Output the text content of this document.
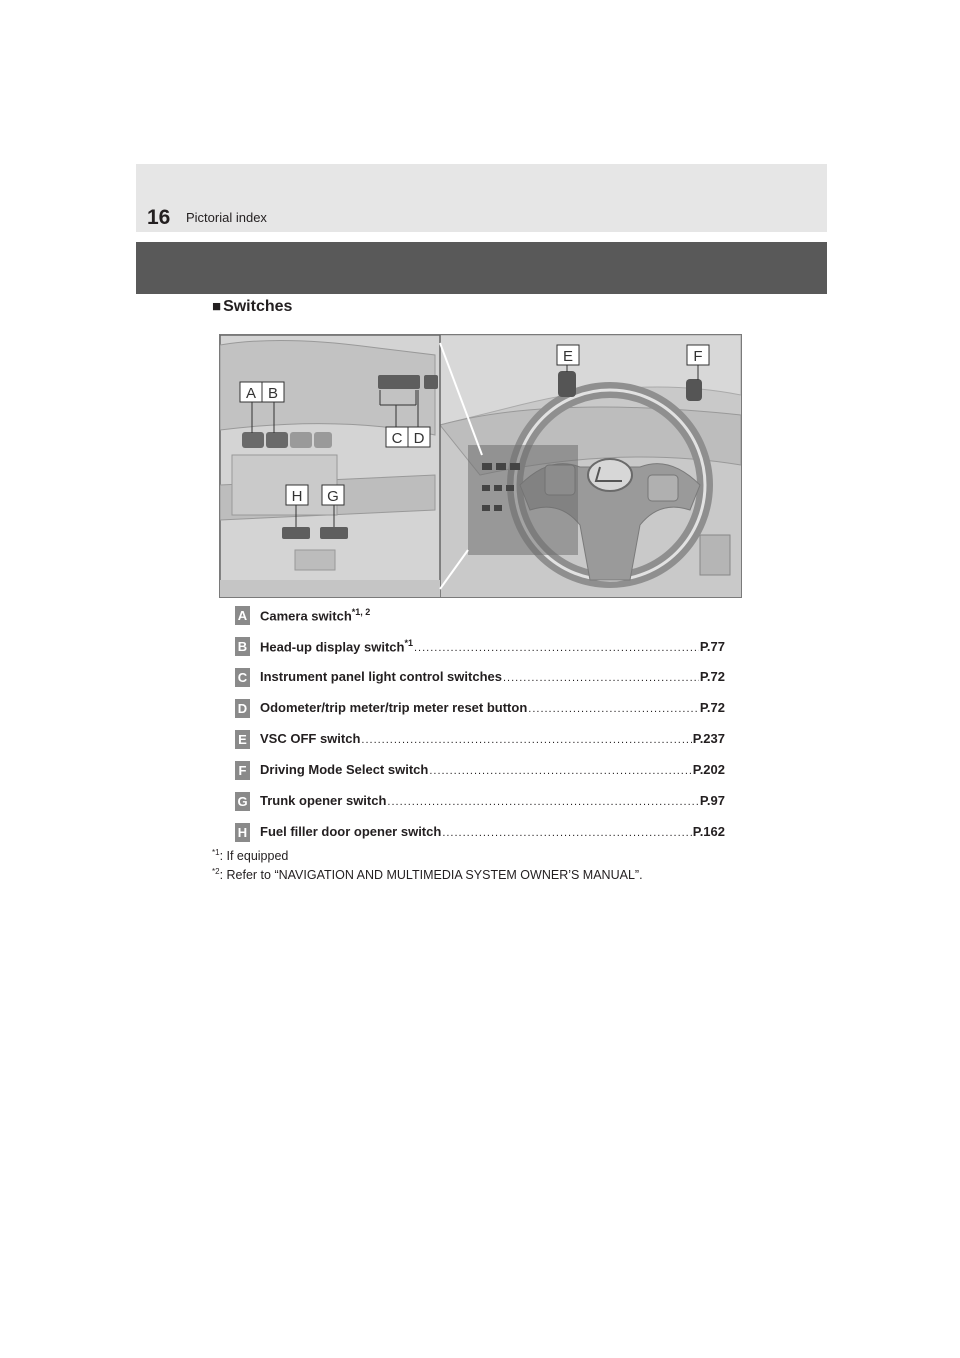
16 Pictorial index
■ Switches
A B
C D
E	F
H G
A Camera switch$^{*1, 2}$
B Head-up display switch$^{*1}$ .....	P.77
C Instrument panel light control switches .....	P.72
D Odometer/trip meter/trip meter reset button .....	P.72
E VSC OFF switch .....	P.237
F Driving Mode Select switch .....	P.202
G Trunk opener switch .....	P.97
H Fuel filler door opener switch .....	P.162
$^{*1}$: If equipped
$^{*2}$: Refer to “NAVIGATION AND MULTIMEDIA SYSTEM OWNER’S MANUAL”.
